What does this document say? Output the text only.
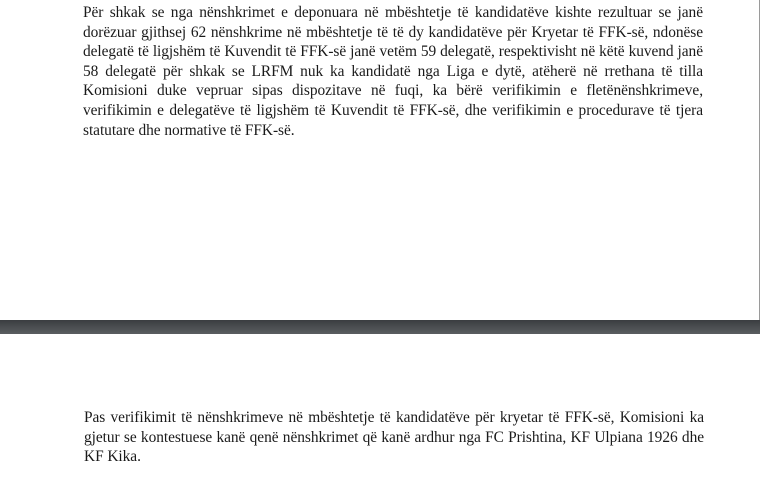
Për shkak se nga nënshkrimet e deponuara në mbështetje të kandidatëve kishte rezultuar se janë dorëzuar gjithsej 62 nënshkrime në mbështetje të të dy kandidatëve për Kryetar të FFK-së, ndonëse delegatë të ligjshëm të Kuvendit të FFK-së janë vetëm 59 delegatë, respektivisht në këtë kuvend janë 58 delegatë për shkak se LRFM nuk ka kandidatë nga Liga e dytë, atëherë në rrethana të tilla Komisioni duke vepruar sipas dispozitave në fuqi, ka bërë verifikimin e fletënënshkrimeve, verifikimin e delegatëve të ligjshëm të Kuvendit të FFK-së, dhe verifikimin e procedurave të tjera statutare dhe normative të FFK-së.

Pas verifikimit të nënshkrimeve në mbështetje të kandidatëve për kryetar të FFK-së, Komisioni ka gjetur se kontestuese kanë qenë nënshkrimet që kanë ardhur nga FC Prishtina, KF Ulpiana 1926 dhe KF Kika.
